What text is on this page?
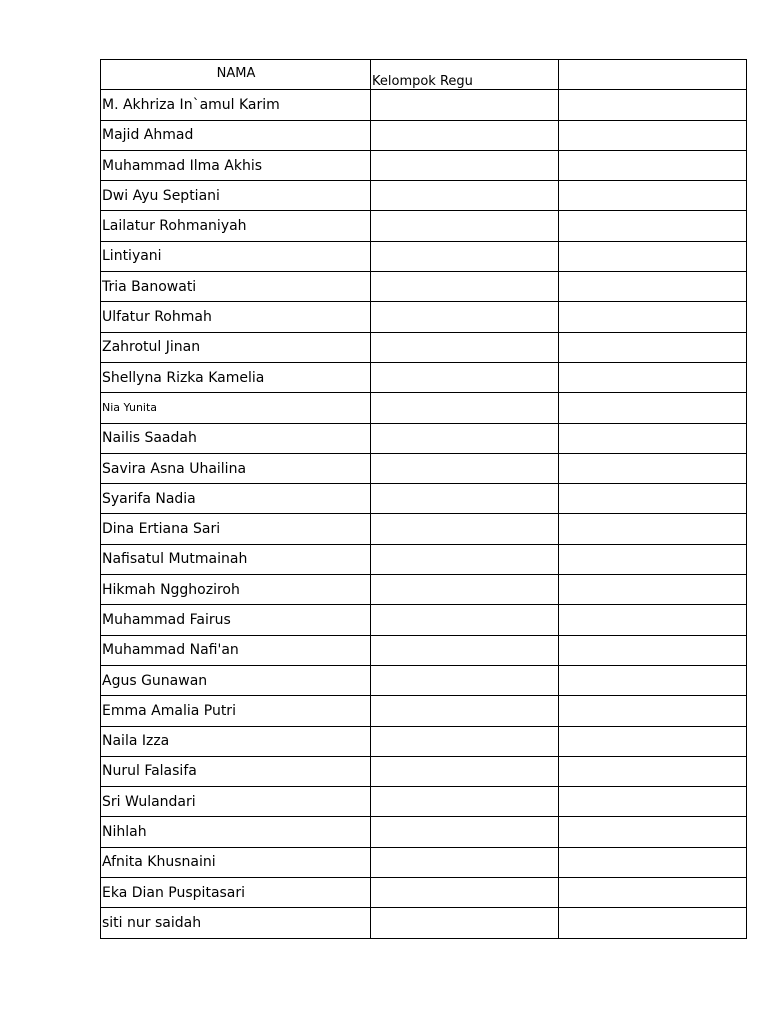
NAMA	Kelompok Regu	
M. Akhriza In`amul Karim		
Majid Ahmad		
Muhammad Ilma Akhis		
Dwi Ayu Septiani		
Lailatur Rohmaniyah		
Lintiyani		
Tria Banowati		
Ulfatur Rohmah		
Zahrotul Jinan		
Shellyna Rizka Kamelia		
Nia Yunita		
Nailis Saadah		
Savira Asna Uhailina		
Syarifa Nadia		
Dina Ertiana Sari		
Nafisatul Mutmainah		
Hikmah Ngghoziroh		
Muhammad Fairus		
Muhammad Nafi'an		
Agus Gunawan		
Emma Amalia Putri		
Naila Izza		
Nurul Falasifa		
Sri Wulandari		
Nihlah		
Afnita Khusnaini		
Eka Dian Puspitasari		
siti nur saidah		
